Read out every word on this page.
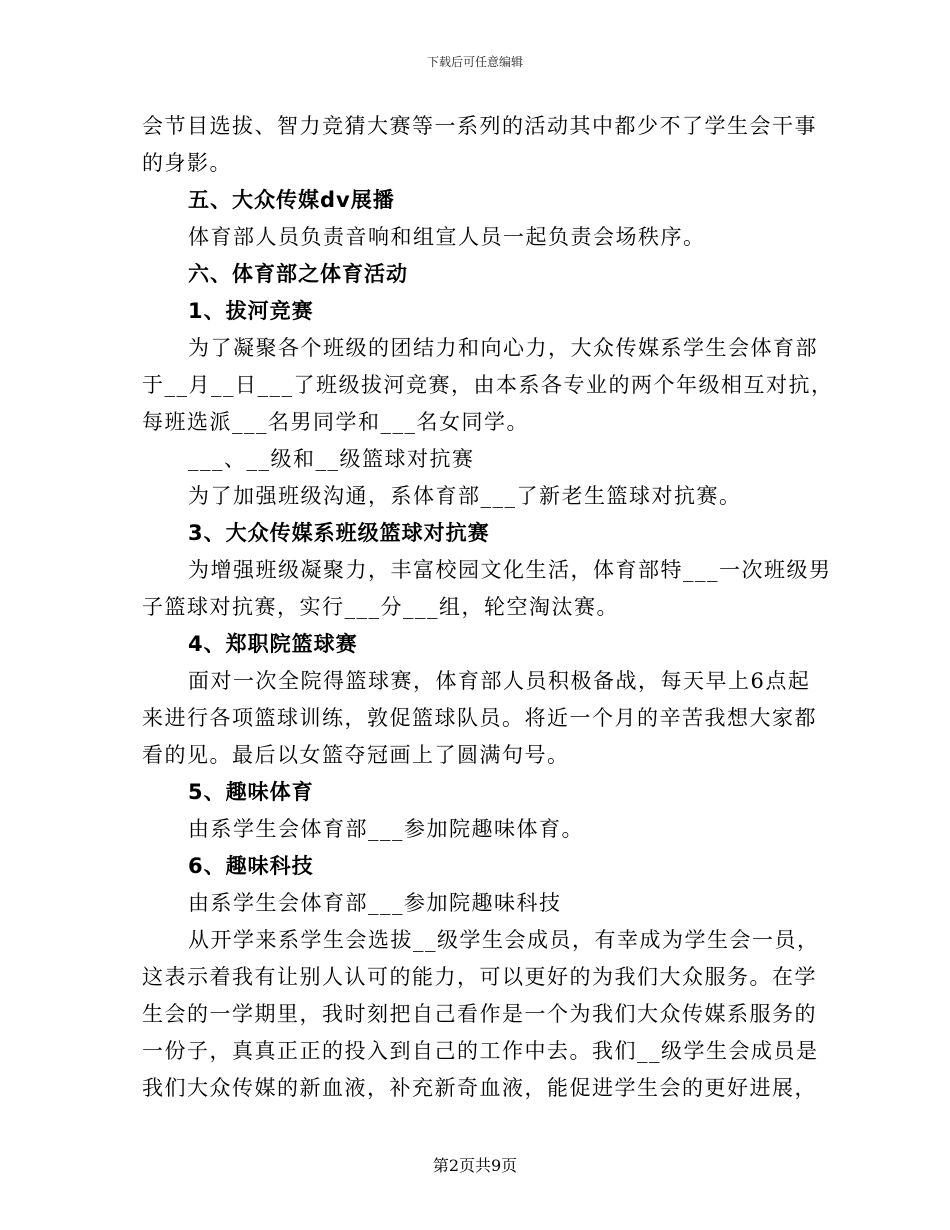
下载后可任意编辑
会节目选拔、智力竞猜大赛等一系列的活动其中都少不了学生会干事
的身影。
五、大众传媒dv展播
体育部人员负责音响和组宣人员一起负责会场秩序。
六、体育部之体育活动
1、拔河竞赛
为了凝聚各个班级的团结力和向心力，大众传媒系学生会体育部
于__月__日___了班级拔河竞赛，由本系各专业的两个年级相互对抗，
每班选派___名男同学和___名女同学。
___、__级和__级篮球对抗赛
为了加强班级沟通，系体育部___了新老生篮球对抗赛。
3、大众传媒系班级篮球对抗赛
为增强班级凝聚力，丰富校园文化生活，体育部特___一次班级男
子篮球对抗赛，实行___分___组，轮空淘汰赛。
4、郑职院篮球赛
面对一次全院得篮球赛，体育部人员积极备战，每天早上6点起
来进行各项篮球训练，敦促篮球队员。将近一个月的辛苦我想大家都
看的见。最后以女篮夺冠画上了圆满句号。
5、趣味体育
由系学生会体育部___参加院趣味体育。
6、趣味科技
由系学生会体育部___参加院趣味科技
从开学来系学生会选拔__级学生会成员，有幸成为学生会一员，
这表示着我有让别人认可的能力，可以更好的为我们大众服务。在学
生会的一学期里，我时刻把自己看作是一个为我们大众传媒系服务的
一份子，真真正正的投入到自己的工作中去。我们__级学生会成员是
我们大众传媒的新血液，补充新奇血液，能促进学生会的更好进展，
第2页共9页
